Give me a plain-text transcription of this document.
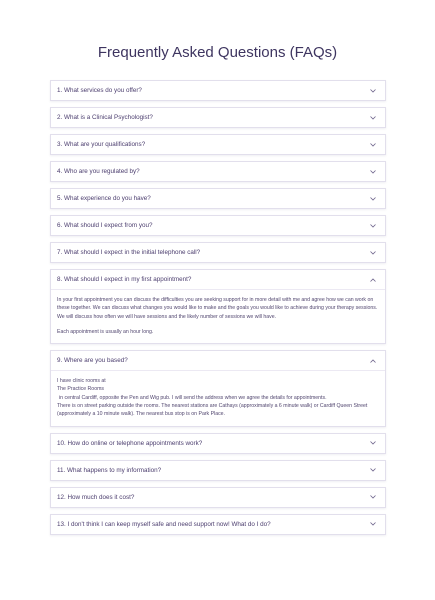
Frequently Asked Questions (FAQs)
1. What services do you offer?
2. What is a Clinical Psychologist?
3. What are your qualifications?
4. Who are you regulated by?
5. What experience do you have?
6. What should I expect from you?
7. What should I expect in the initial telephone call?
8. What should I expect in my first appointment?

In your first appointment you can discuss the difficulties you are seeking support for in more detail with me and agree how we can work on these together. We can discuss what changes you would like to make and the goals you would like to achieve during your therapy sessions. We will discuss how often we will have sessions and the likely number of sessions we will have.

Each appointment is usually an hour long.

9. Where are you based?

I have clinic rooms at

The Practice Rooms

in central Cardiff, opposite the Pen and Wig pub. I will send the address when we agree the details for appointments.

There is on street parking outside the rooms. The nearest stations are Cathays (approximately a 6 minute walk) or Cardiff Queen Street (approximately a 10 minute walk). The nearest bus stop is on Park Place.

10. How do online or telephone appointments work?
11. What happens to my information?
12. How much does it cost?
13. I don't think I can keep myself safe and need support now! What do I do?
